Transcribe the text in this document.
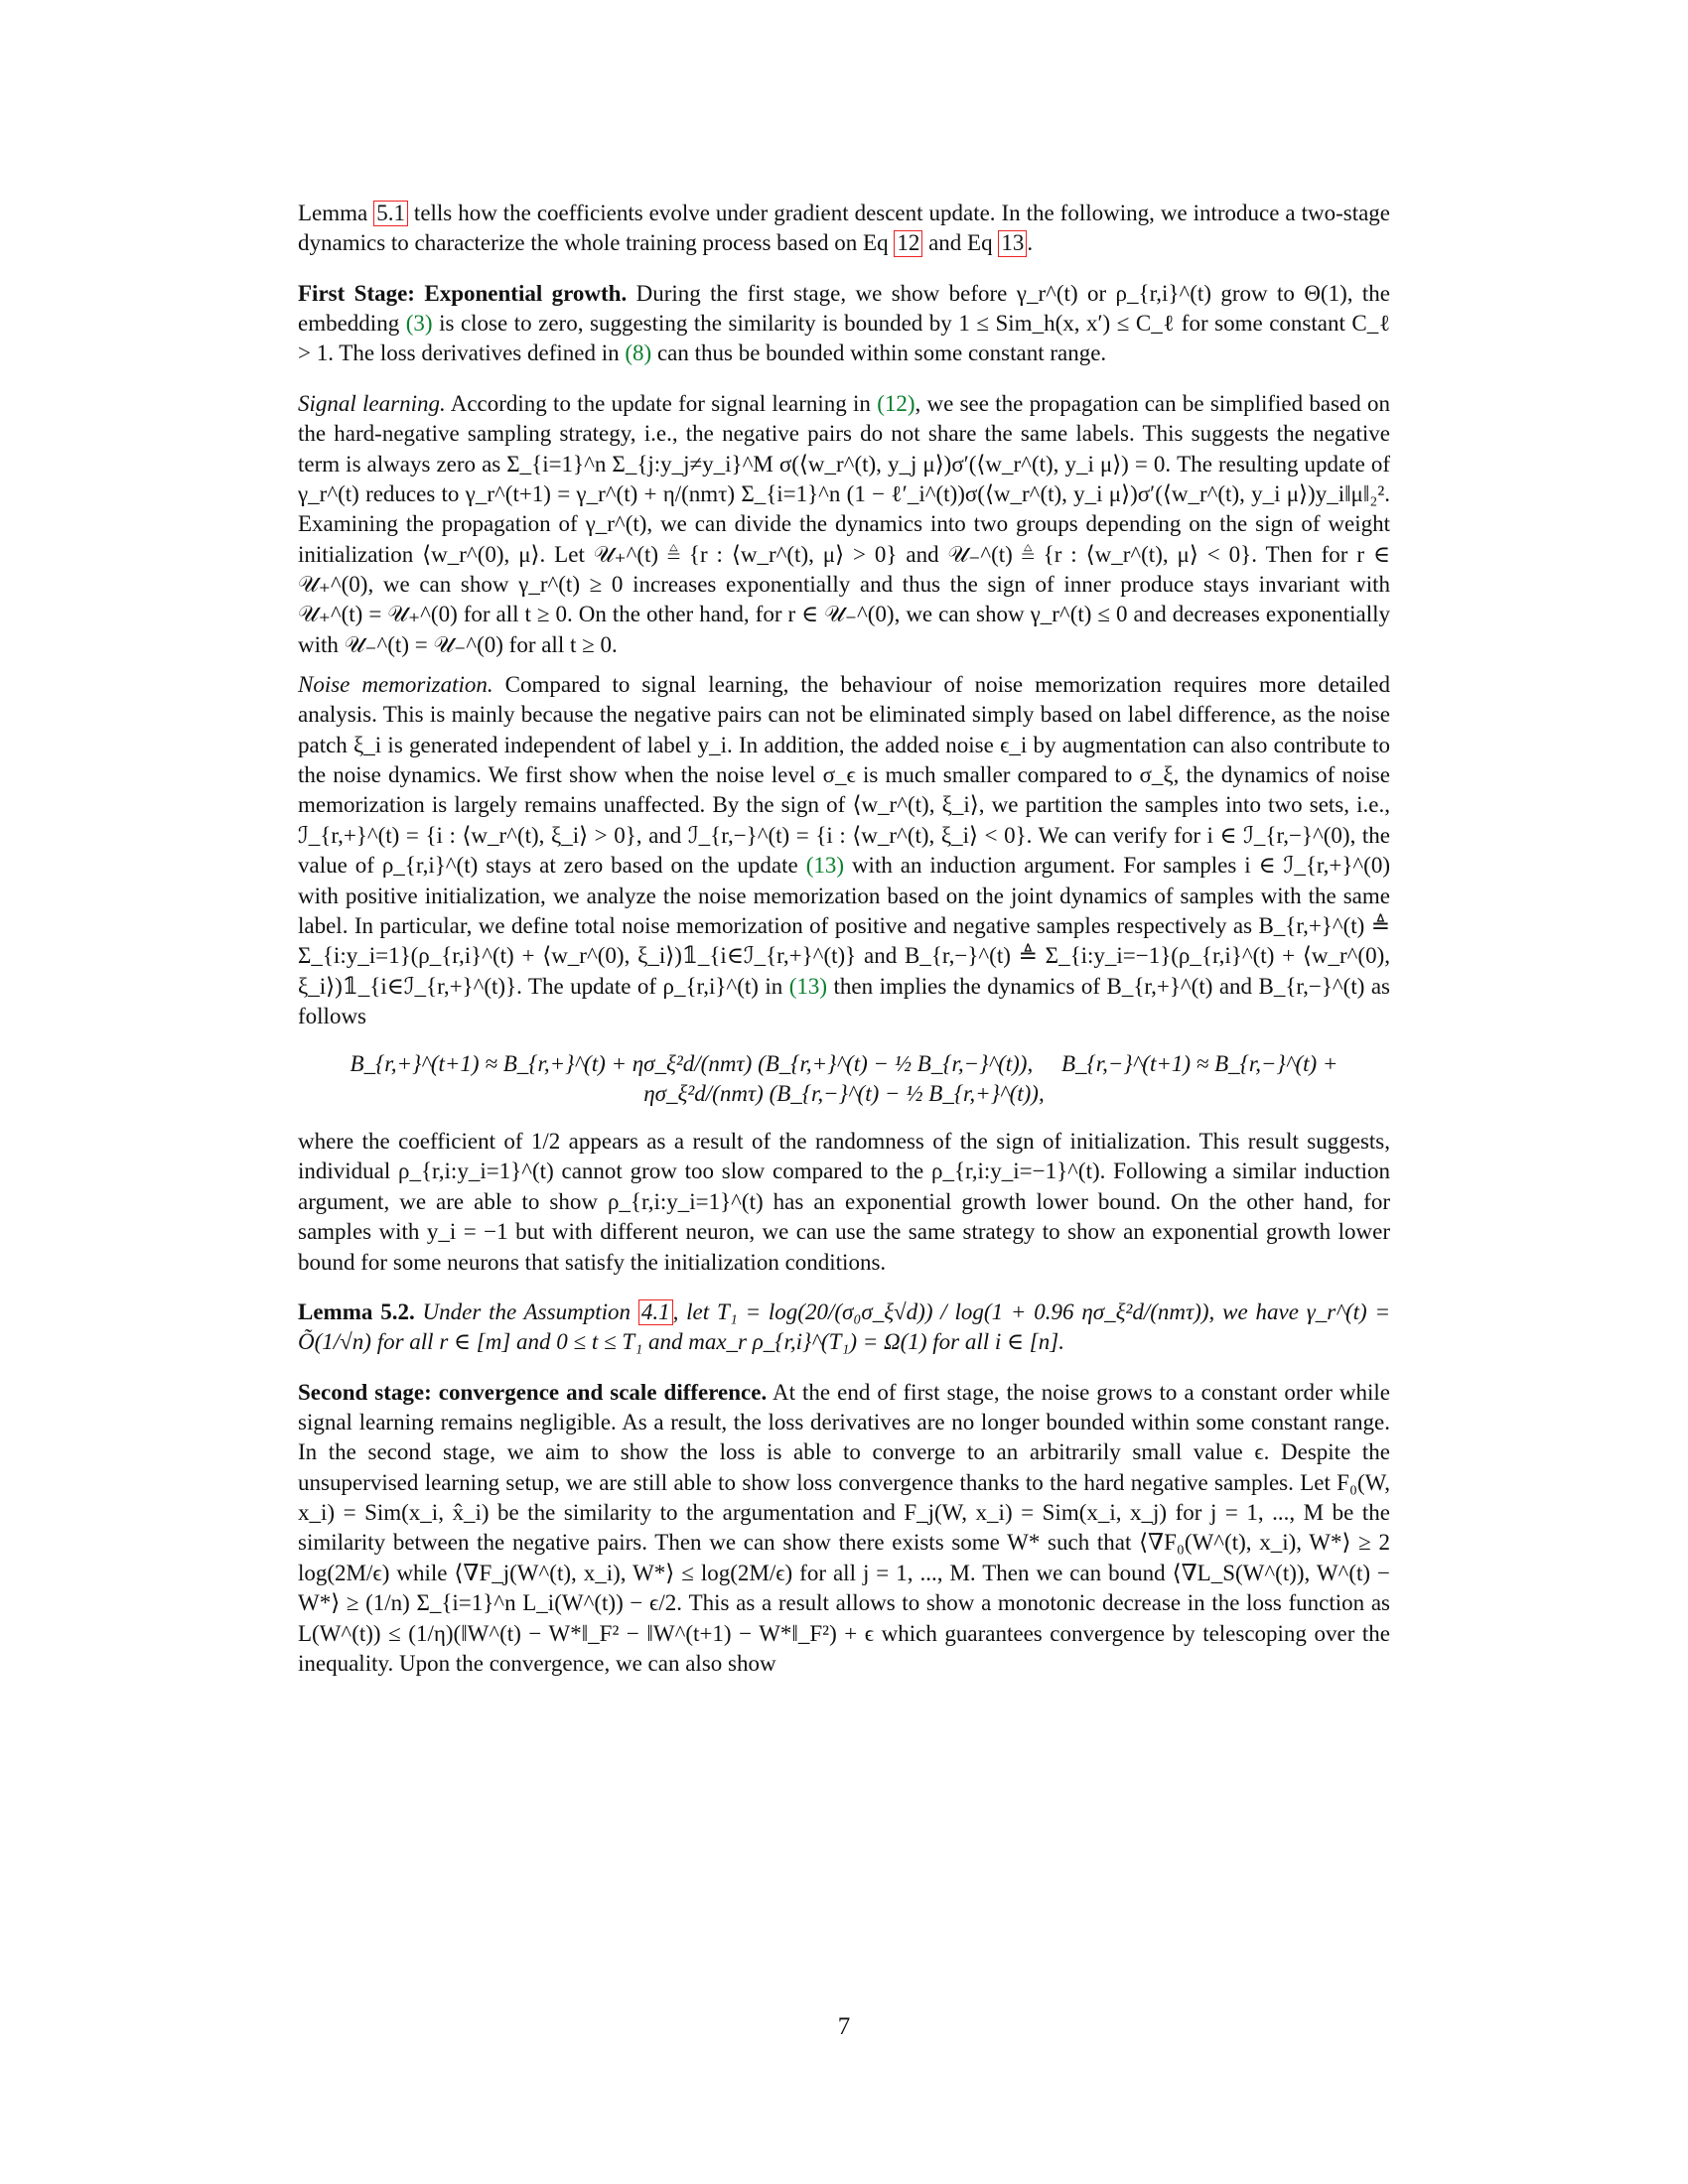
Lemma 5.1 tells how the coefficients evolve under gradient descent update. In the following, we introduce a two-stage dynamics to characterize the whole training process based on Eq 12 and Eq 13 .

First Stage: Exponential growth. During the first stage, we show before γ_r^(t) or ρ_{r,i}^(t) grow to Θ(1), the embedding (3) is close to zero, suggesting the similarity is bounded by 1 ≤ Sim_h(x, x′) ≤ C_ℓ for some constant C_ℓ > 1. The loss derivatives defined in (8) can thus be bounded within some constant range.

Signal learning. According to the update for signal learning in (12), we see the propagation can be simplified based on the hard-negative sampling strategy, i.e., the negative pairs do not share the same labels. This suggests the negative term is always zero as Σ_{i=1}^n Σ_{j:y_j≠y_i}^M σ(⟨w_r^(t), y_j μ⟩)σ′(⟨w_r^(t), y_i μ⟩) = 0. The resulting update of γ_r^(t) reduces to γ_r^(t+1) = γ_r^(t) + η/(nmτ) Σ_{i=1}^n (1 − ℓ′_i^(t))σ(⟨w_r^(t), y_i μ⟩)σ′(⟨w_r^(t), y_i μ⟩)y_i‖μ‖₂². Examining the propagation of γ_r^(t), we can divide the dynamics into two groups depending on the sign of weight initialization ⟨w_r^(0), μ⟩. Let 𝒰₊^(t) ≜ {r : ⟨w_r^(t), μ⟩ > 0} and 𝒰₋^(t) ≜ {r : ⟨w_r^(t), μ⟩ < 0}. Then for r ∈ 𝒰₊^(0), we can show γ_r^(t) ≥ 0 increases exponentially and thus the sign of inner produce stays invariant with 𝒰₊^(t) = 𝒰₊^(0) for all t ≥ 0. On the other hand, for r ∈ 𝒰₋^(0), we can show γ_r^(t) ≤ 0 and decreases exponentially with 𝒰₋^(t) = 𝒰₋^(0) for all t ≥ 0.

Noise memorization. Compared to signal learning, the behaviour of noise memorization requires more detailed analysis. This is mainly because the negative pairs can not be eliminated simply based on label difference, as the noise patch ξ_i is generated independent of label y_i. In addition, the added noise ϵ_i by augmentation can also contribute to the noise dynamics. We first show when the noise level σ_ϵ is much smaller compared to σ_ξ, the dynamics of noise memorization is largely remains unaffected. By the sign of ⟨w_r^(t), ξ_i⟩, we partition the samples into two sets, i.e., ℐ_{r,+}^(t) = {i : ⟨w_r^(t), ξ_i⟩ > 0}, and ℐ_{r,−}^(t) = {i : ⟨w_r^(t), ξ_i⟩ < 0}. We can verify for i ∈ ℐ_{r,−}^(0), the value of ρ_{r,i}^(t) stays at zero based on the update (13) with an induction argument. For samples i ∈ ℐ_{r,+}^(0) with positive initialization, we analyze the noise memorization based on the joint dynamics of samples with the same label. In particular, we define total noise memorization of positive and negative samples respectively as B_{r,+}^(t) ≜ Σ_{i:y_i=1}(ρ_{r,i}^(t) + ⟨w_r^(0), ξ_i⟩)𝟙_{i∈ℐ_{r,+}^(t)} and B_{r,−}^(t) ≜ Σ_{i:y_i=−1}(ρ_{r,i}^(t) + ⟨w_r^(0), ξ_i⟩)𝟙_{i∈ℐ_{r,+}^(t)}. The update of ρ_{r,i}^(t) in (13) then implies the dynamics of B_{r,+}^(t) and B_{r,−}^(t) as follows

B_{r,+}^(t+1) ≈ B_{r,+}^(t) + ησ_ξ²d/(nmτ) (B_{r,+}^(t) − ½ B_{r,−}^(t)),     B_{r,−}^(t+1) ≈ B_{r,−}^(t) + ησ_ξ²d/(nmτ) (B_{r,−}^(t) − ½ B_{r,+}^(t)),

where the coefficient of 1/2 appears as a result of the randomness of the sign of initialization. This result suggests, individual ρ_{r,i:y_i=1}^(t) cannot grow too slow compared to the ρ_{r,i:y_i=−1}^(t). Following a similar induction argument, we are able to show ρ_{r,i:y_i=1}^(t) has an exponential growth lower bound. On the other hand, for samples with y_i = −1 but with different neuron, we can use the same strategy to show an exponential growth lower bound for some neurons that satisfy the initialization conditions.

Lemma 5.2. Under the Assumption 4.1 , let T₁ = log(20/(σ₀σ_ξ√d)) / log(1 + 0.96 ησ_ξ²d/(nmτ)), we have γ_r^(t) = Õ(1/√n) for all r ∈ [m] and 0 ≤ t ≤ T₁ and max_r ρ_{r,i}^(T₁) = Ω(1) for all i ∈ [n].

Second stage: convergence and scale difference. At the end of first stage, the noise grows to a constant order while signal learning remains negligible. As a result, the loss derivatives are no longer bounded within some constant range. In the second stage, we aim to show the loss is able to converge to an arbitrarily small value ϵ. Despite the unsupervised learning setup, we are still able to show loss convergence thanks to the hard negative samples. Let F₀(W, x_i) = Sim(x_i, x̂_i) be the similarity to the argumentation and F_j(W, x_i) = Sim(x_i, x_j) for j = 1, ..., M be the similarity between the negative pairs. Then we can show there exists some W* such that ⟨∇F₀(W^(t), x_i), W*⟩ ≥ 2 log(2M/ϵ) while ⟨∇F_j(W^(t), x_i), W*⟩ ≤ log(2M/ϵ) for all j = 1, ..., M. Then we can bound ⟨∇L_S(W^(t)), W^(t) − W*⟩ ≥ (1/n) Σ_{i=1}^n L_i(W^(t)) − ϵ/2. This as a result allows to show a monotonic decrease in the loss function as L(W^(t)) ≤ (1/η)(‖W^(t) − W*‖_F² − ‖W^(t+1) − W*‖_F²) + ϵ which guarantees convergence by telescoping over the inequality. Upon the convergence, we can also show

7
